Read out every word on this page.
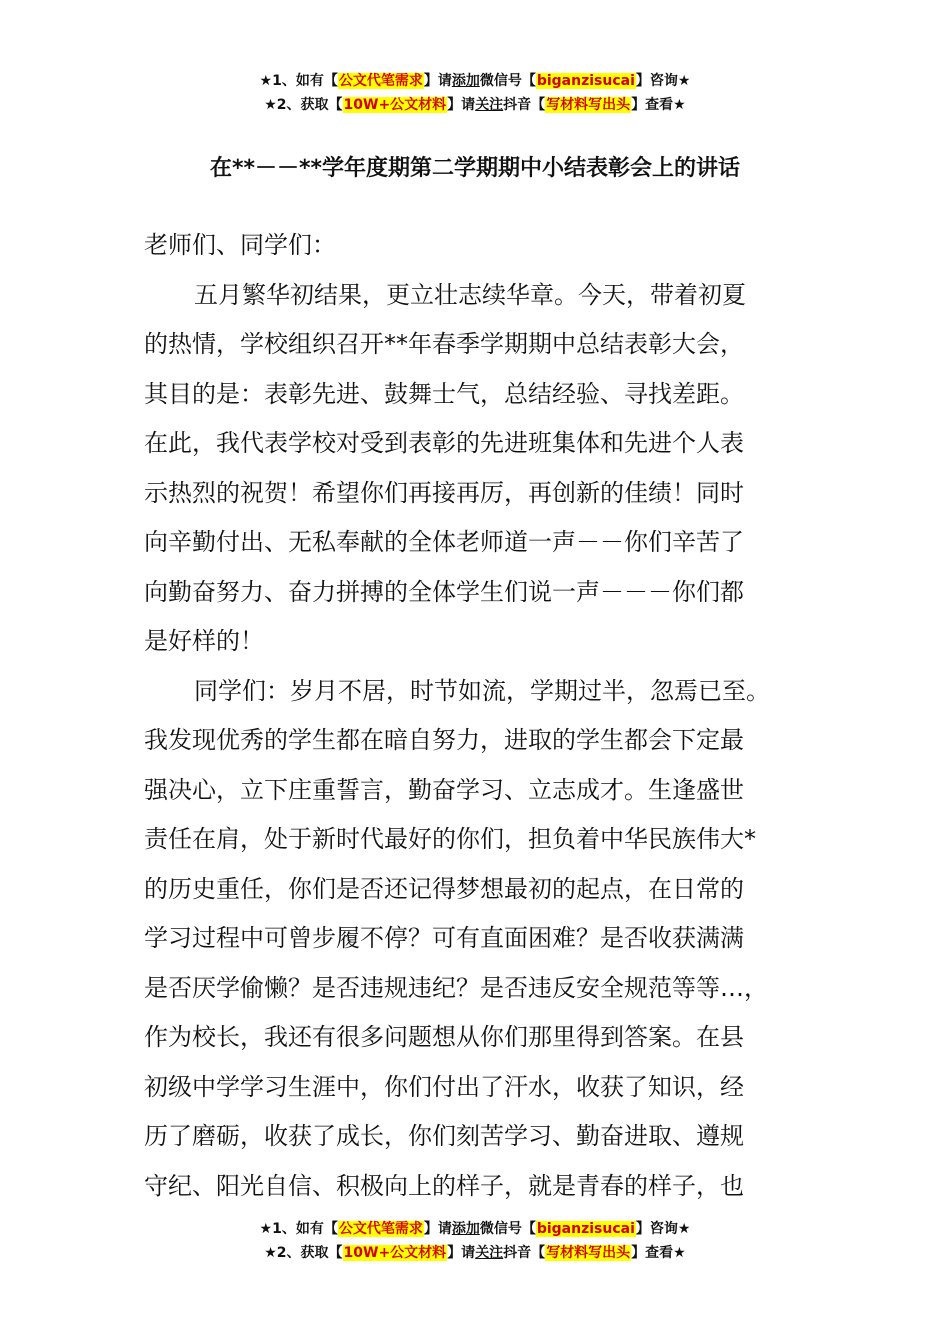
★1、如有【公文代笔需求】请添加微信号【biganzisucai】咨询★
★2、获取【10W+公文材料】请关注抖音【写材料写出头】查看★
在**－－**学年度期第二学期期中小结表彰会上的讲话
老师们、同学们：
五月繁华初结果，更立壮志续华章。今天，带着初夏
的热情，学校组织召开**年春季学期期中总结表彰大会，
其目的是：表彰先进、鼓舞士气，总结经验、寻找差距。
在此，我代表学校对受到表彰的先进班集体和先进个人表
示热烈的祝贺！希望你们再接再厉，再创新的佳绩！同时
向辛勤付出、无私奉献的全体老师道一声－－你们辛苦了
向勤奋努力、奋力拼搏的全体学生们说一声－－－你们都
是好样的！
同学们：岁月不居，时节如流，学期过半，忽焉已至。
我发现优秀的学生都在暗自努力，进取的学生都会下定最
强决心，立下庄重誓言，勤奋学习、立志成才。生逢盛世
责任在肩，处于新时代最好的你们，担负着中华民族伟大*
的历史重任，你们是否还记得梦想最初的起点，在日常的
学习过程中可曾步履不停？可有直面困难？是否收获满满
是否厌学偷懒？是否违规违纪？是否违反安全规范等等…，
作为校长，我还有很多问题想从你们那里得到答案。在县
初级中学学习生涯中，你们付出了汗水，收获了知识，经
历了磨砺，收获了成长，你们刻苦学习、勤奋进取、遵规
守纪、阳光自信、积极向上的样子，就是青春的样子，也
★1、如有【公文代笔需求】请添加微信号【biganzisucai】咨询★
★2、获取【10W+公文材料】请关注抖音【写材料写出头】查看★
